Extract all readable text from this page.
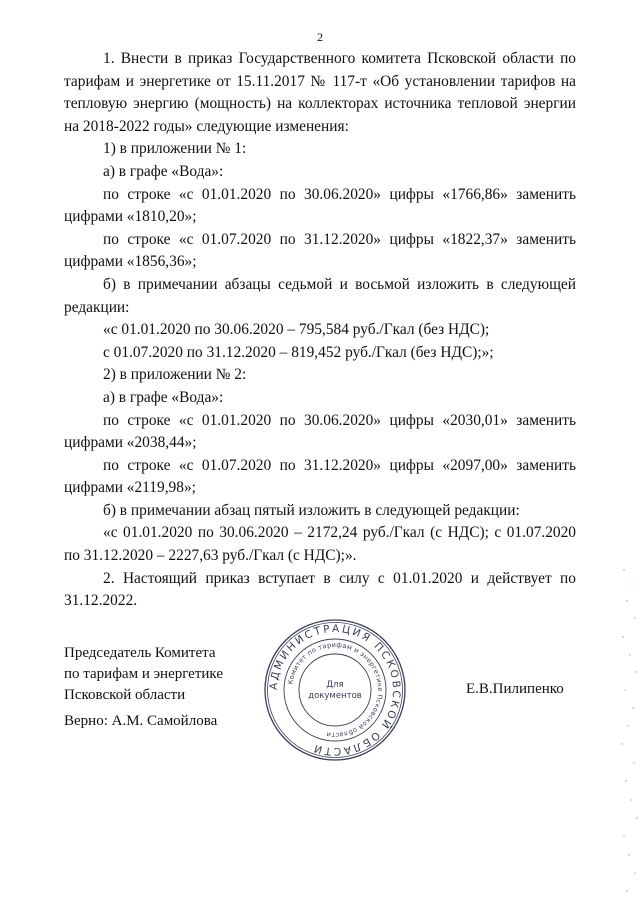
2

1. Внести в приказ Государственного комитета Псковской области по тарифам и энергетике от 15.11.2017 № 117-т «Об установлении тарифов на тепловую энергию (мощность) на коллекторах источника тепловой энергии на 2018-2022 годы» следующие изменения:

1) в приложении № 1:

а) в графе «Вода»:

по строке «с 01.01.2020 по 30.06.2020» цифры «1766,86» заменить цифрами «1810,20»;

по строке «с 01.07.2020 по 31.12.2020» цифры «1822,37» заменить цифрами «1856,36»;

б) в примечании абзацы седьмой и восьмой изложить в следующей редакции:

«с 01.01.2020 по 30.06.2020 – 795,584 руб./Гкал (без НДС);

с 01.07.2020 по 31.12.2020 – 819,452 руб./Гкал (без НДС);»;

2) в приложении № 2:

а) в графе «Вода»:

по строке «с 01.01.2020 по 30.06.2020» цифры «2030,01» заменить цифрами «2038,44»;

по строке «с 01.07.2020 по 31.12.2020» цифры «2097,00» заменить цифрами «2119,98»;

б) в примечании абзац пятый изложить в следующей редакции:

«с 01.01.2020 по 30.06.2020 – 2172,24 руб./Гкал (с НДС); с 01.07.2020 по 31.12.2020 – 2227,63 руб./Гкал (с НДС);».

2. Настоящий приказ вступает в силу с 01.01.2020 и действует по 31.12.2022.

Председатель Комитета
по тарифам и энергетике
Псковской области
АДМИНИСТРАЦИЯ ПСКОВСКОЙ ОБЛАСТИ
Комитет по тарифам и энергетике Псковской области
Для
документов	Е.В.Пилипенко
Верно: А.М. Самойлова
